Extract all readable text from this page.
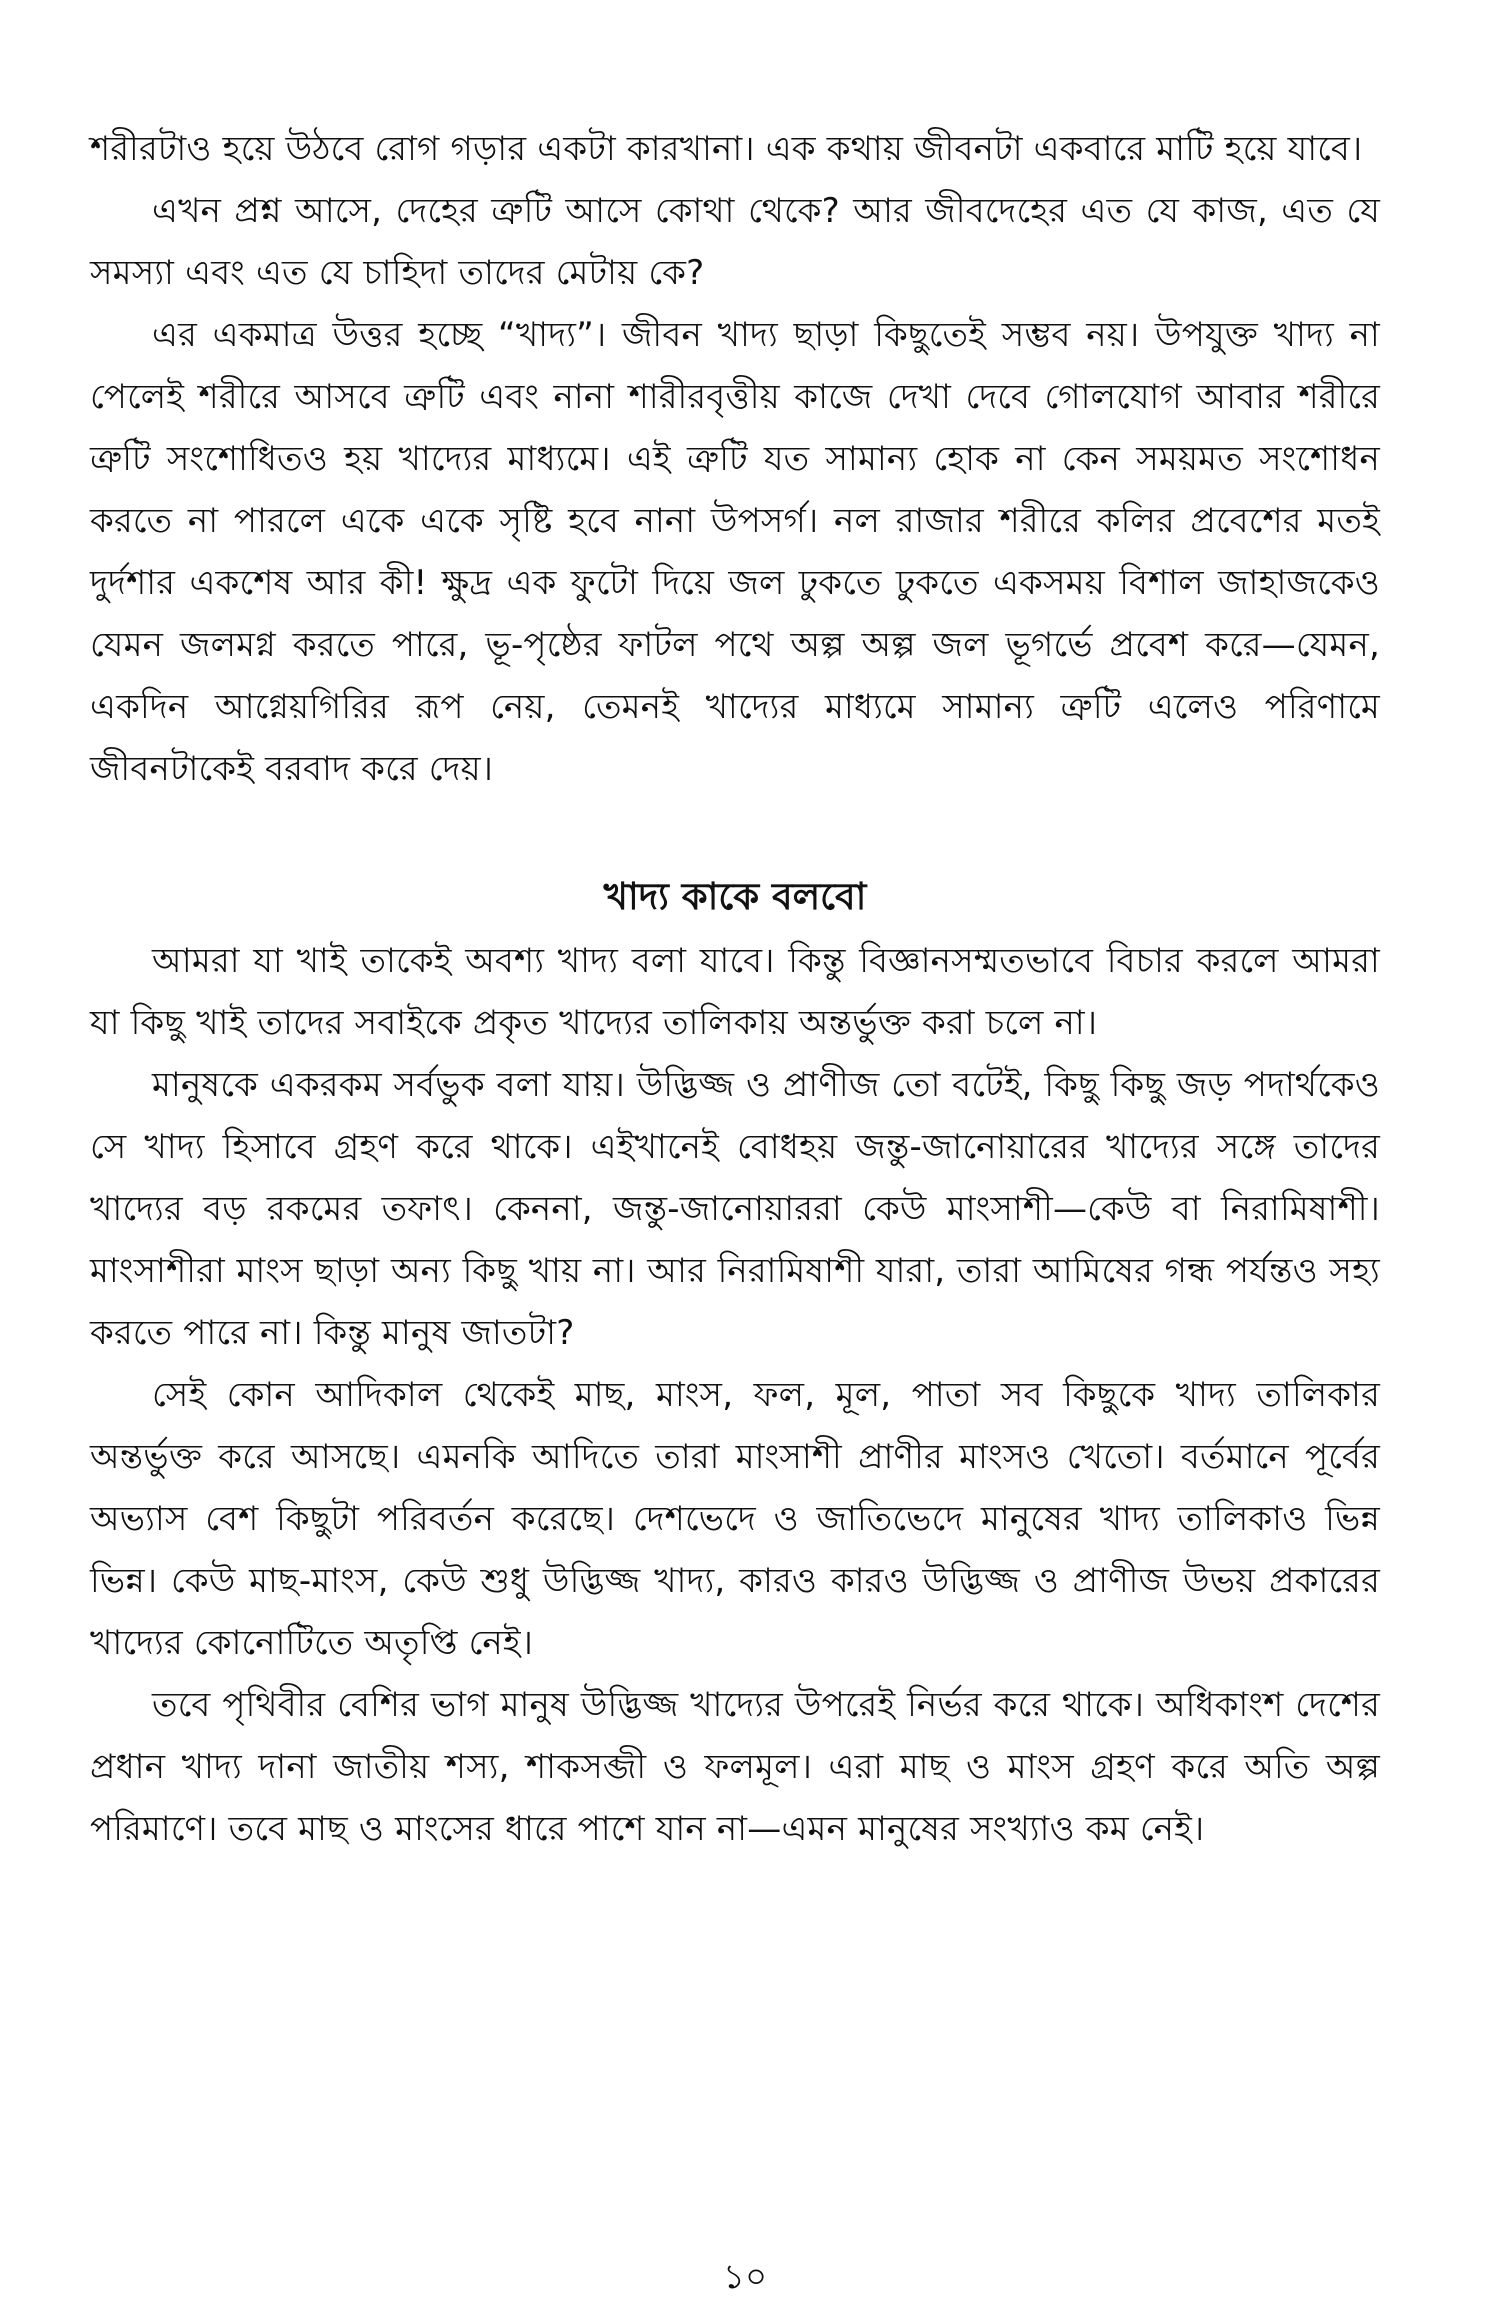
শরীরটাও হয়ে উঠবে রোগ গড়ার একটা কারখানা। এক কথায় জীবনটা একবারে মাটি হয়ে যাবে।

এখন প্রশ্ন আসে, দেহের ত্রুটি আসে কোথা থেকে? আর জীবদেহের এত যে কাজ, এত যে সমস্যা এবং এত যে চাহিদা তাদের মেটায় কে?

এর একমাত্র উত্তর হচ্ছে “খাদ্য”। জীবন খাদ্য ছাড়া কিছুতেই সম্ভব নয়। উপযুক্ত খাদ্য না পেলেই শরীরে আসবে ত্রুটি এবং নানা শারীরবৃত্তীয় কাজে দেখা দেবে গোলযোগ আবার শরীরে ত্রুটি সংশোধিতও হয় খাদ্যের মাধ্যমে। এই ত্রুটি যত সামান্য হোক না কেন সময়মত সংশোধন করতে না পারলে একে একে সৃষ্টি হবে নানা উপসর্গ। নল রাজার শরীরে কলির প্রবেশের মতই দুর্দশার একশেষ আর কী! ক্ষুদ্র এক ফুটো দিয়ে জল ঢুকতে ঢুকতে একসময় বিশাল জাহাজকেও যেমন জলমগ্ন করতে পারে, ভূ-পৃষ্ঠের ফাটল পথে অল্প অল্প জল ভূগর্ভে প্রবেশ করে—যেমন, একদিন আগ্নেয়গিরির রূপ নেয়, তেমনই খাদ্যের মাধ্যমে সামান্য ত্রুটি এলেও পরিণামে জীবনটাকেই বরবাদ করে দেয়।

খাদ্য কাকে বলবো

আমরা যা খাই তাকেই অবশ্য খাদ্য বলা যাবে। কিন্তু বিজ্ঞানসম্মতভাবে বিচার করলে আমরা যা কিছু খাই তাদের সবাইকে প্রকৃত খাদ্যের তালিকায় অন্তর্ভুক্ত করা চলে না।

মানুষকে একরকম সর্বভুক বলা যায়। উদ্ভিজ্জ ও প্রাণীজ তো বটেই, কিছু কিছু জড় পদার্থকেও সে খাদ্য হিসাবে গ্রহণ করে থাকে। এইখানেই বোধহয় জন্তু-জানোয়ারের খাদ্যের সঙ্গে তাদের খাদ্যের বড় রকমের তফাৎ। কেননা, জন্তু-জানোয়াররা কেউ মাংসাশী—কেউ বা নিরামিষাশী। মাংসাশীরা মাংস ছাড়া অন্য কিছু খায় না। আর নিরামিষাশী যারা, তারা আমিষের গন্ধ পর্যন্তও সহ্য করতে পারে না। কিন্তু মানুষ জাতটা?

সেই কোন আদিকাল থেকেই মাছ, মাংস, ফল, মূল, পাতা সব কিছুকে খাদ্য তালিকার অন্তর্ভুক্ত করে আসছে। এমনকি আদিতে তারা মাংসাশী প্রাণীর মাংসও খেতো। বর্তমানে পূর্বের অভ্যাস বেশ কিছুটা পরিবর্তন করেছে। দেশভেদে ও জাতিভেদে মানুষের খাদ্য তালিকাও ভিন্ন ভিন্ন। কেউ মাছ-মাংস, কেউ শুধু উদ্ভিজ্জ খাদ্য, কারও কারও উদ্ভিজ্জ ও প্রাণীজ উভয় প্রকারের খাদ্যের কোনোটিতে অতৃপ্তি নেই।

তবে পৃথিবীর বেশির ভাগ মানুষ উদ্ভিজ্জ খাদ্যের উপরেই নির্ভর করে থাকে। অধিকাংশ দেশের প্রধান খাদ্য দানা জাতীয় শস্য, শাকসব্জী ও ফলমূল। এরা মাছ ও মাংস গ্রহণ করে অতি অল্প পরিমাণে। তবে মাছ ও মাংসের ধারে পাশে যান না—এমন মানুষের সংখ্যাও কম নেই।

১০
